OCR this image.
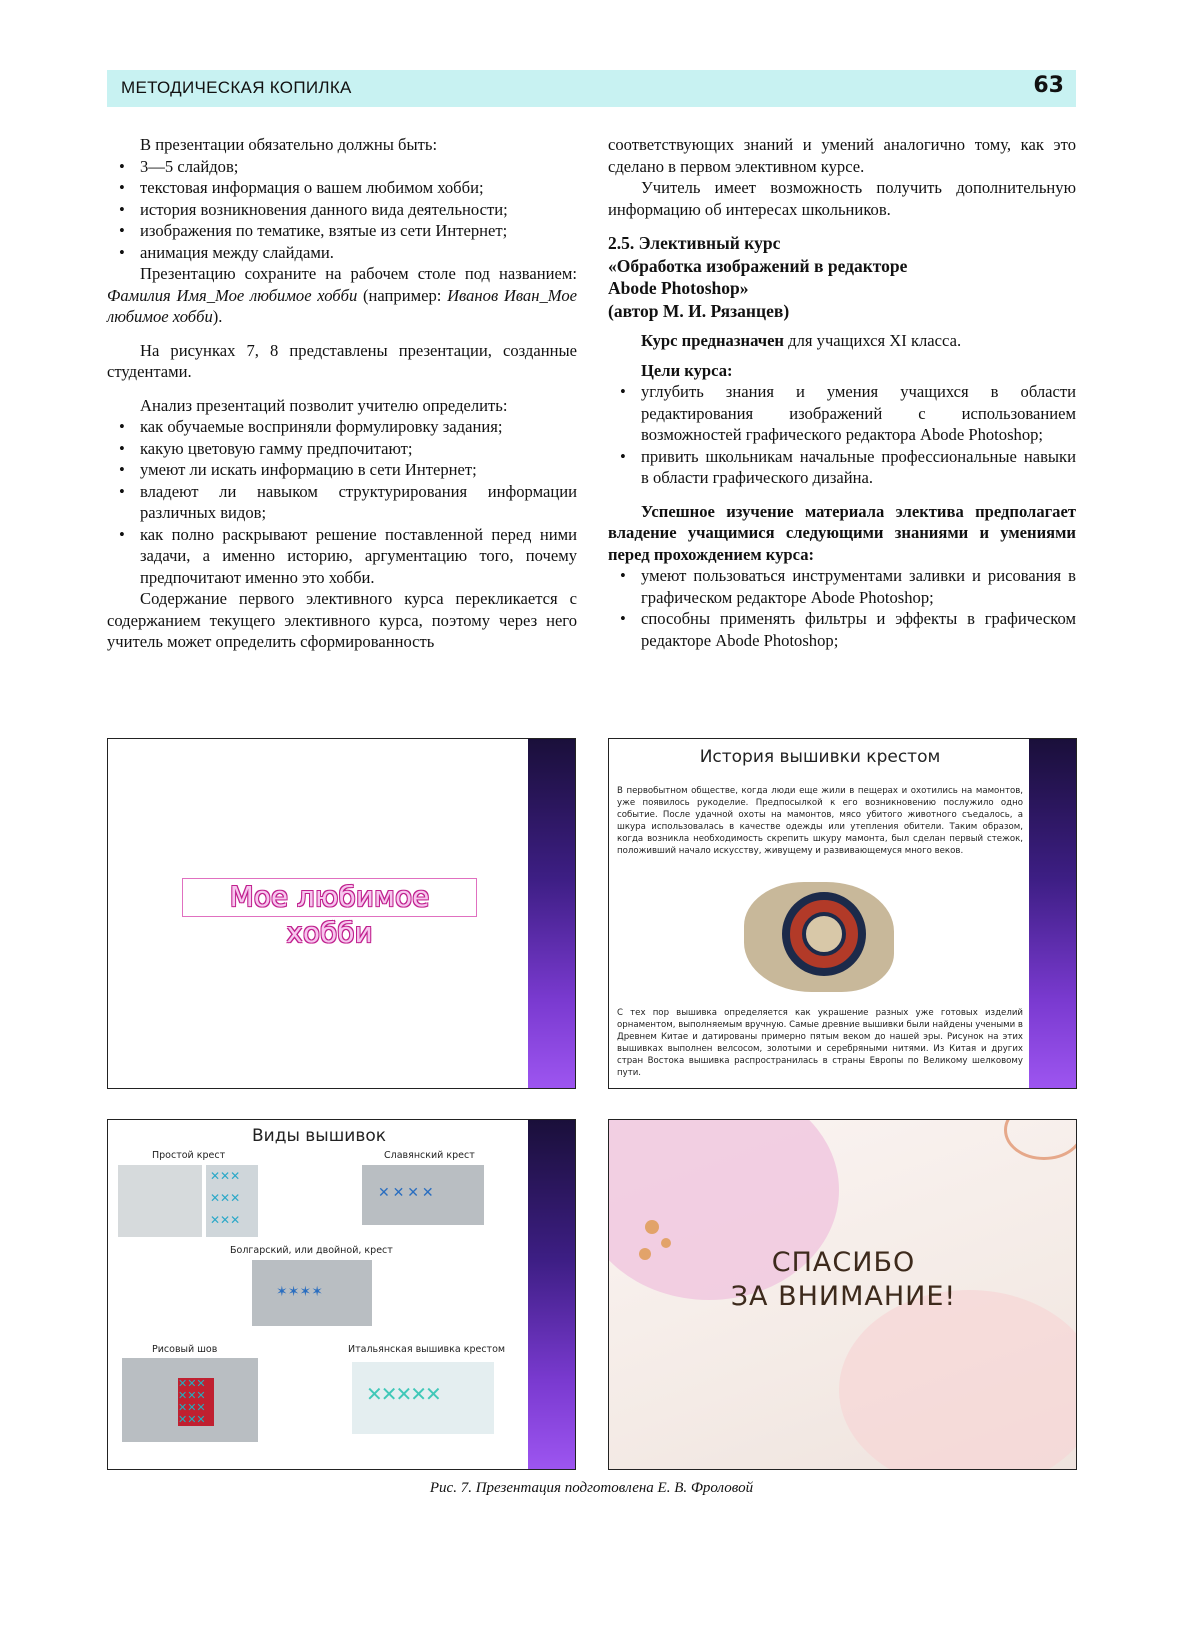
МЕТОДИЧЕСКАЯ КОПИЛКА	63

В презентации обязательно должны быть:

• 3—5 слайдов;
• текстовая информация о вашем любимом хобби;
• история возникновения данного вида деятельности;
• изображения по тематике, взятые из сети Интернет;
• анимация между слайдами.

Презентацию сохраните на рабочем столе под названием: Фамилия Имя_Мое любимое хобби (например: Иванов Иван_Мое любимое хобби).

На рисунках 7, 8 представлены презентации, созданные студентами.

Анализ презентаций позволит учителю определить:

• как обучаемые восприняли формулировку задания;
• какую цветовую гамму предпочитают;
• умеют ли искать информацию в сети Интернет;
• владеют ли навыком структурирования информации различных видов;
• как полно раскрывают решение поставленной перед ними задачи, а именно историю, аргументацию того, почему предпочитают именно это хобби.

Содержание первого элективного курса перекликается с содержанием текущего элективного курса, поэтому через него учитель может определить сформированность

соответствующих знаний и умений аналогично тому, как это сделано в первом элективном курсе.

Учитель имеет возможность получить дополнительную информацию об интересах школьников.

2.5. Элективный курс
«Обработка изображений в редакторе
Abode Photoshop»
(автор М. И. Рязанцев)

Курс предназначен для учащихся XI класса.

Цели курса:

• углубить знания и умения учащихся в области редактирования изображений с использованием возможностей графического редактора Abode Photoshop;
• привить школьникам начальные профессиональные навыки в области графического дизайна.

Успешное изучение материала электива предполагает владение учащимися следующими знаниями и умениями перед прохождением курса:

• умеют пользоваться инструментами заливки и рисования в графическом редакторе Abode Photoshop;
• способны применять фильтры и эффекты в графическом редакторе Abode Photoshop;
Мое любимое хобби
История вышивки крестом
В первобытном обществе, когда люди еще жили в пещерах и охотились на мамонтов, уже появилось рукоделие. Предпосылкой к его возникновению послужило одно событие. После удачной охоты на мамонтов, мясо убитого животного съедалось, а шкура использовалась в качестве одежды или утепления обители. Таким образом, когда возникла необходимость скрепить шкуру мамонта, был сделан первый стежок, положивший начало искусству, живущему и развивающемуся много веков.
С тех пор вышивка определяется как украшение разных уже готовых изделий орнаментом, выполняемым вручную. Самые древние вышивки были найдены учеными в Древнем Китае и датированы примерно пятым веком до нашей эры. Рисунок на этих вышивках выполнен велсосом, золотыми и серебряными нитями. Из Китая и других стран Востока вышивка распространилась в страны Европы по Великому шелковому пути.
Виды вышивок
Простой крест
✕✕✕
✕✕✕
✕✕✕
Славянский крест
✕ ✕ ✕ ✕
Болгарский, или двойной, крест
✶✶✶✶
Рисовый шов
✕✕✕
✕✕✕
✕✕✕
✕✕✕
Итальянская вышивка крестом
✕✕✕✕✕
СПАСИБО
ЗА ВНИМАНИЕ!
Рис. 7. Презентация подготовлена Е. В. Фроловой
